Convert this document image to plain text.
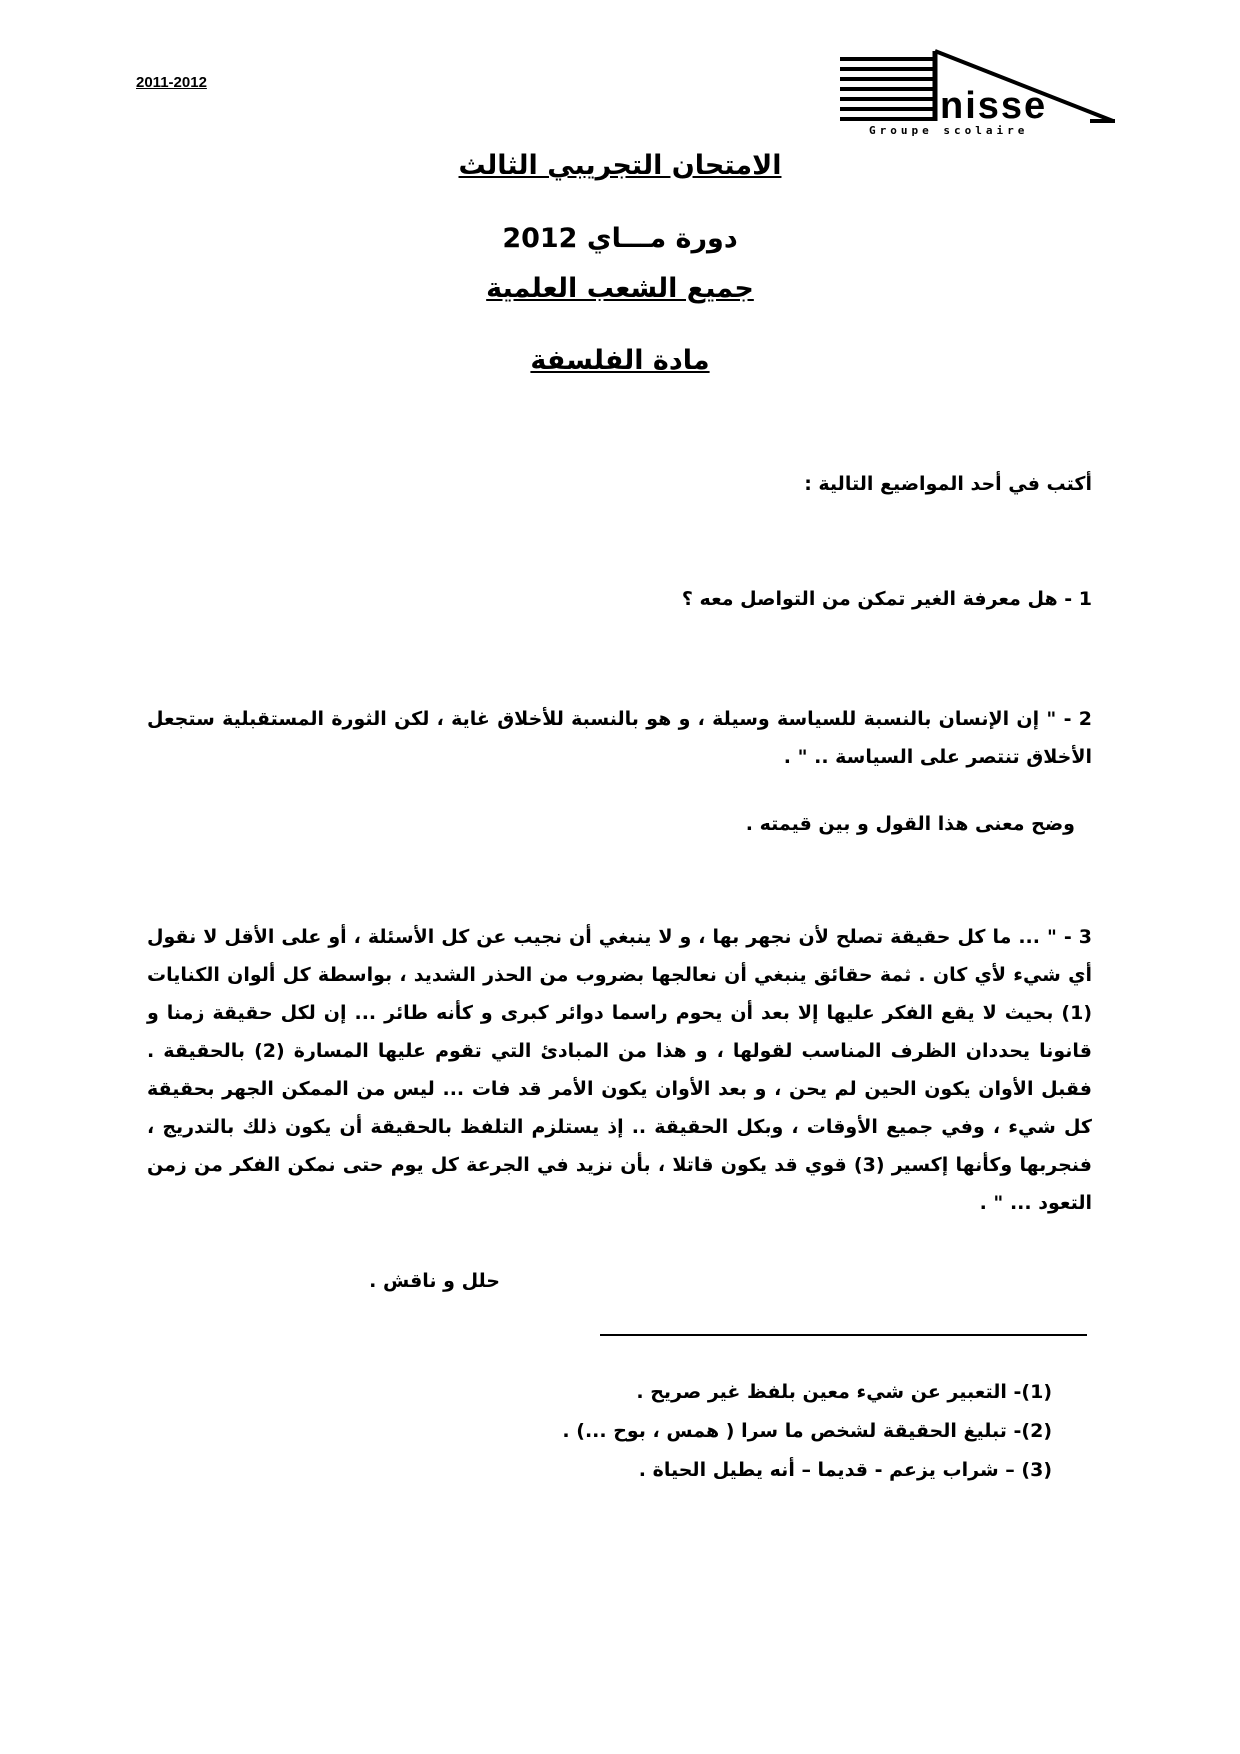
2011-2012
nisse
Groupe scolaire
الامتحان التجريبي الثالث
دورة مـــاي 2012
جميع الشعب العلمية
مادة الفلسفة
أكتب في أحد المواضيع التالية :
1 - هل معرفة الغير تمكن من التواصل معه ؟
2 - " إن الإنسان بالنسبة للسياسة وسيلة ، و هو بالنسبة للأخلاق غاية ، لكن الثورة المستقبلية ستجعل الأخلاق تنتصر على السياسة .. " .
وضح معنى هذا القول و بين قيمته .
3 - " ... ما كل حقيقة تصلح لأن نجهر بها ، و لا ينبغي أن نجيب عن كل الأسئلة ، أو على الأقل لا نقول أي شيء لأي كان . ثمة حقائق ينبغي أن نعالجها بضروب من الحذر الشديد ، بواسطة كل ألوان الكنايات (1) بحيث لا يقع الفكر عليها إلا بعد أن يحوم راسما دوائر كبرى و كأنه طائر ... إن لكل حقيقة زمنا و قانونا يحددان الظرف المناسب لقولها ، و هذا من المبادئ التي تقوم عليها المسارة (2) بالحقيقة . فقبل الأوان يكون الحين لم يحن ، و بعد الأوان يكون الأمر قد فات ... ليس من الممكن الجهر بحقيقة كل شيء ، وفي جميع الأوقات ، وبكل الحقيقة .. إذ يستلزم التلفظ بالحقيقة أن يكون ذلك بالتدريج ، فنجربها وكأنها إكسير (3) قوي قد يكون قاتلا ، بأن نزيد في الجرعة كل يوم حتى نمكن الفكر من زمن التعود ... " .
حلل و ناقش .
(1)- التعبير عن شيء معين بلفظ غير صريح .
(2)- تبليغ الحقيقة لشخص ما سرا ( همس ، بوح ...) .
(3) – شراب يزعم - قديما – أنه يطيل الحياة .
